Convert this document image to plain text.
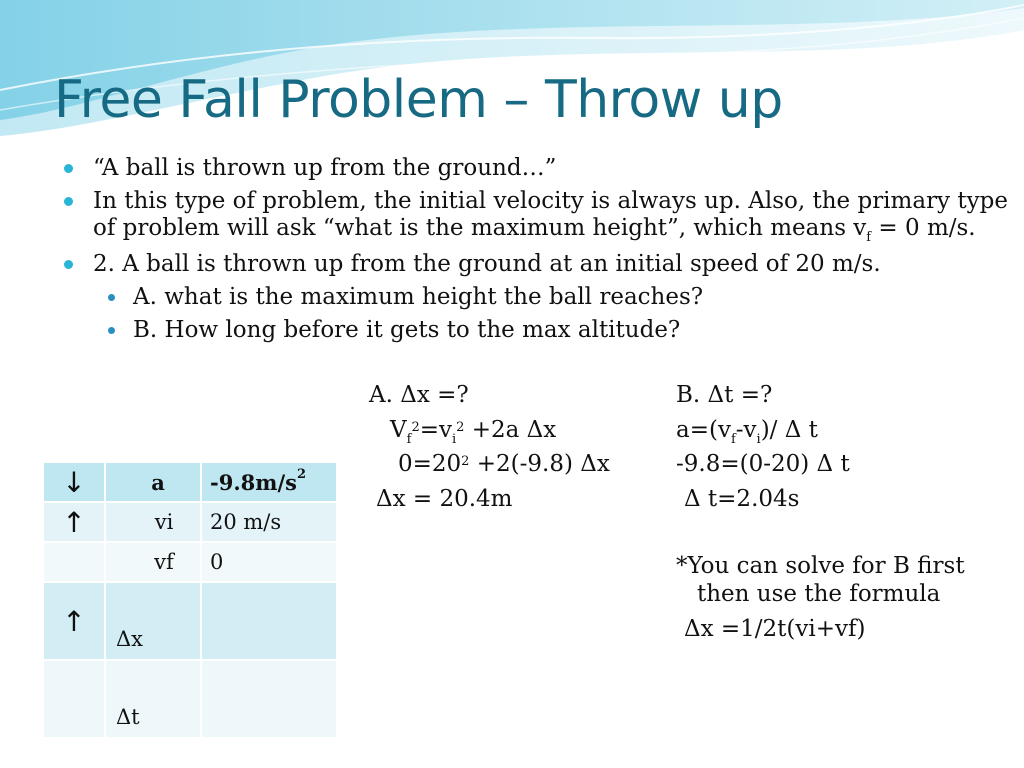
Free Fall Problem – Throw up
“A ball is thrown up from the ground…”
In this type of problem, the initial velocity is always up. Also, the primary type of problem will ask “what is the maximum height”, which means $v_f = 0$ m/s.
2. A ball is thrown up from the ground at an initial speed of 20 m/s.
A. what is the maximum height the ball reaches?
B. How long before it gets to the max altitude?
A. Δx =?
$V_f^2=v_i^2 +2a$ Δx
$0=20^2 +2(-9.8)$ Δx
Δx = 20.4m
B. Δt =?
$a=(v_f-v_i)/$ Δ t
-9.8=(0-20) Δ t
Δ t=2.04s
*You can solve for B first
then use the formula
Δx =1/2t(vi+vf)
↓	a	$-9.8m/s^2$
↑	vi	20 m/s
	vf	0
↑	Δx	
	Δt	
